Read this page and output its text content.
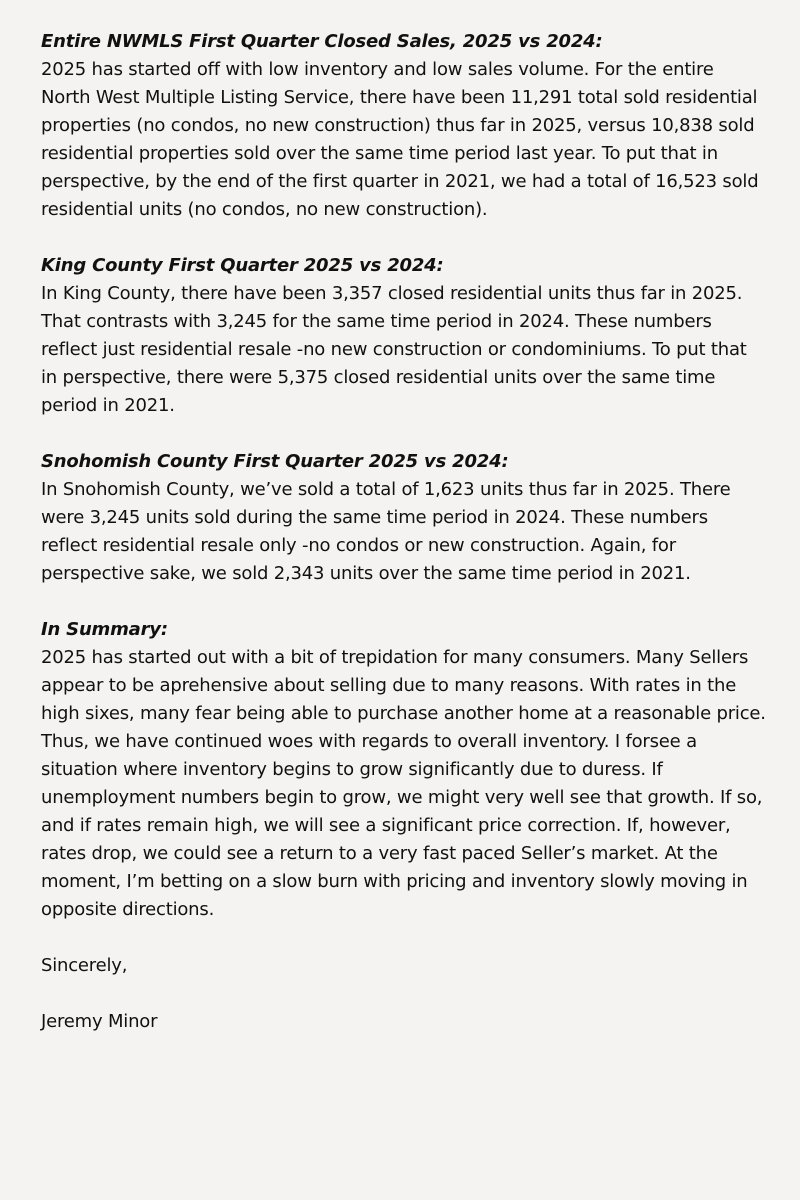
Entire NWMLS First Quarter Closed Sales, 2025 vs 2024:

2025 has started off with low inventory and low sales volume. For the entire North West Multiple Listing Service, there have been 11,291 total sold residential properties (no condos, no new construction) thus far in 2025, versus 10,838 sold residential properties sold over the same time period last year. To put that in perspective, by the end of the first quarter in 2021, we had a total of 16,523 sold residential units (no condos, no new construction).

King County First Quarter 2025 vs 2024:

In King County, there have been 3,357 closed residential units thus far in 2025. That contrasts with 3,245 for the same time period in 2024. These numbers reflect just residential resale -no new construction or condominiums. To put that in perspective, there were 5,375 closed residential units over the same time period in 2021.

Snohomish County First Quarter 2025 vs 2024:

In Snohomish County, we’ve sold a total of 1,623 units thus far in 2025. There were 3,245 units sold during the same time period in 2024. These numbers reflect residential resale only -no condos or new construction. Again, for perspective sake, we sold 2,343 units over the same time period in 2021.

In Summary:

2025 has started out with a bit of trepidation for many consumers. Many Sellers appear to be aprehensive about selling due to many reasons. With rates in the high sixes, many fear being able to purchase another home at a reasonable price. Thus, we have continued woes with regards to overall inventory. I forsee a situation where inventory begins to grow significantly due to duress. If unemployment numbers begin to grow, we might very well see that growth. If so, and if rates remain high, we will see a significant price correction. If, however, rates drop, we could see a return to a very fast paced Seller’s market. At the moment, I’m betting on a slow burn with pricing and inventory slowly moving in opposite directions.

Sincerely,

Jeremy Minor
